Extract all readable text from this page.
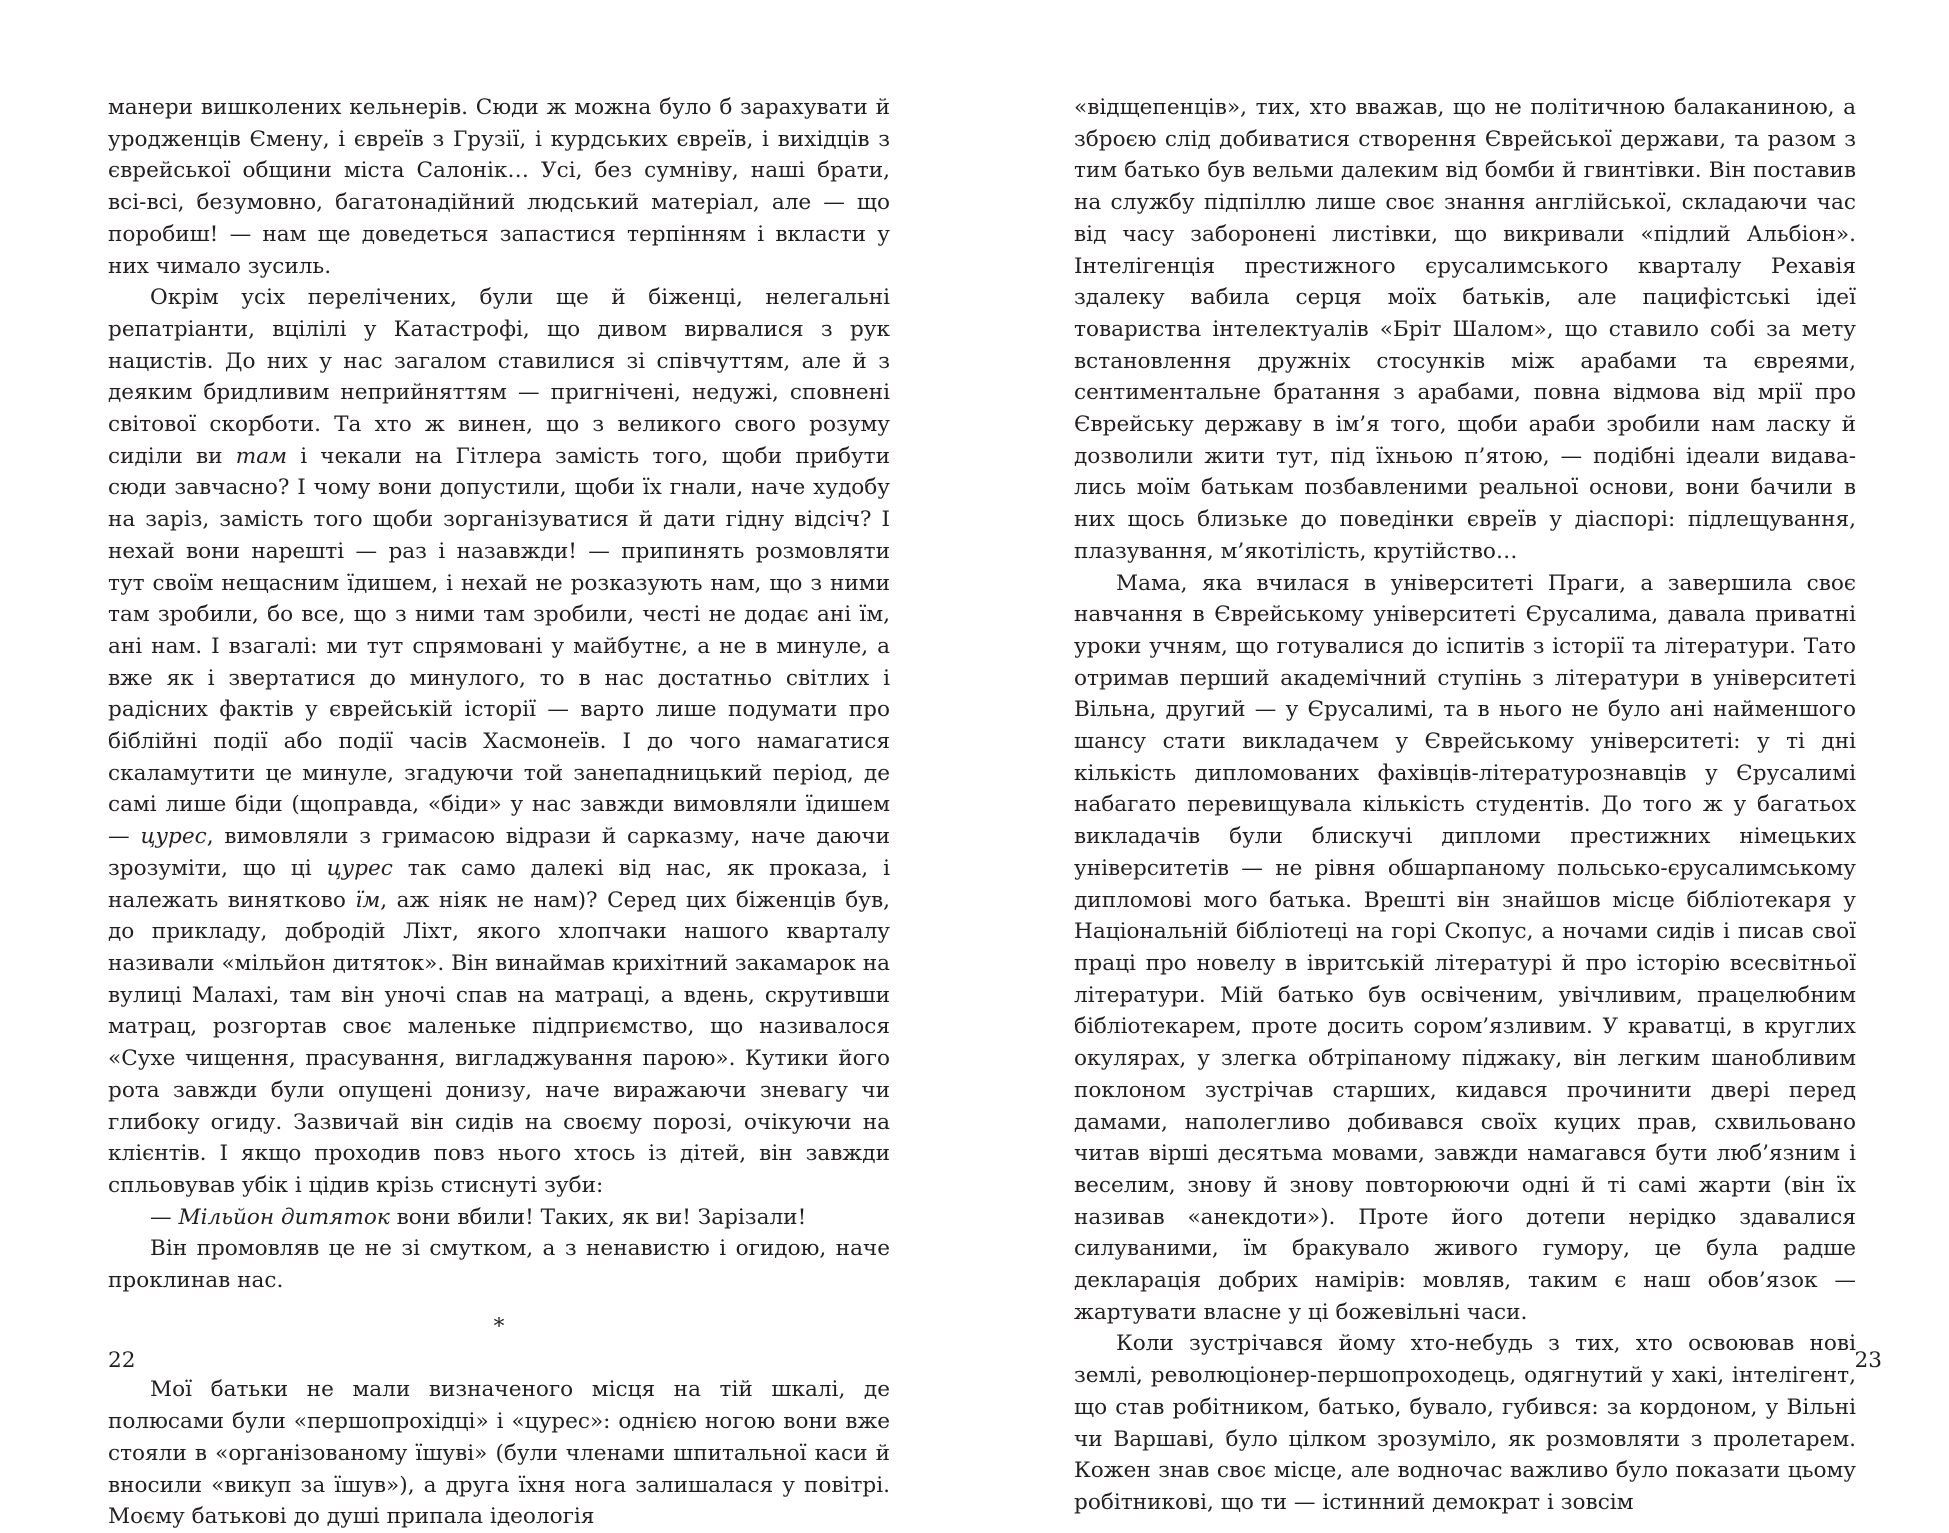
манери вишколених кельнерів. Сюди ж можна було б зарахувати й уродженців Ємену, і євреїв з Грузії, і курдських євреїв, і вихідців з єврейської общини міста Салонік… Усі, без сумніву, наші брати, всі-всі, безумовно, багатонадійний людський матеріал, але — що поробиш! — нам ще доведеться запастися терпінням і вкласти у них чимало зусиль.

Окрім усіх перелічених, були ще й біженці, нелегальні репатріанти, вцілілі у Катастрофі, що дивом вирвалися з рук нацистів. До них у нас загалом ставилися зі співчуттям, але й з деяким бридливим неприйняттям — пригнічені, недужі, сповнені світової скорботи. Та хто ж винен, що з великого свого розуму сиділи ви там і чекали на Гітлера замість того, щоби прибути сюди завчасно? І чому вони допустили, щоби їх гнали, наче худобу на заріз, замість того щоби зорганізуватися й дати гідну відсіч? І нехай вони нарешті — раз і назавжди! — припинять розмовляти тут своїм нещасним їдишем, і нехай не розказують нам, що з ними там зробили, бо все, що з ними там зробили, честі не додає ані їм, ані нам. І взагалі: ми тут спрямовані у майбутнє, а не в минуле, а вже як і звертатися до минулого, то в нас достатньо світлих і радісних фактів у єврейській історії — варто лише подумати про біблійні події або події часів Хасмонеїв. І до чого намагатися скаламутити це минуле, згадуючи той занепадницький період, де самі лише біди (щоправда, «біди» у нас завжди вимовляли їдишем — цурес, вимовляли з гримасою відрази й сарказму, наче даючи зрозуміти, що ці цурес так само далекі від нас, як проказа, і належать винятково їм, аж ніяк не нам)? Серед цих біженців був, до прикладу, добродій Ліхт, якого хлопчаки нашого кварталу називали «мільйон дитяток». Він винаймав крихітний закамарок на вулиці Малахі, там він уночі спав на матраці, а вдень, скрутивши матрац, розгортав своє маленьке підприємство, що називалося «Сухе чищення, прасування, вигладжування парою». Кутики його рота завжди були опущені донизу, наче виражаючи зневагу чи глибоку огиду. Зазвичай він сидів на своєму порозі, очікуючи на клієнтів. І якщо проходив повз нього хтось із дітей, він завжди спльовував убік і цідив крізь стиснуті зуби:

— Мільйон дитяток вони вбили! Таких, як ви! Зарізали!

Він промовляв це не зі смутком, а з ненавистю і огидою, наче проклинав нас.

*

Мої батьки не мали визначеного місця на тій шкалі, де полюсами були «першопрохідці» і «цурес»: однією ногою вони вже стояли в «організованому їшуві» (були членами шпитальної каси й вносили «викуп за їшув»), а друга їхня нога залишалася у повітрі. Моєму батькові до душі припала ідеологія

«відщепенців», тих, хто вважав, що не політичною балаканиною, а зброєю слід добиватися створення Єврейської держави, та разом з тим батько був вельми далеким від бомби й гвинтівки. Він поставив на службу підпіллю лише своє знання англійської, складаючи час від часу заборонені листівки, що викривали «підлий Альбіон». Інтелігенція престижного єрусалимського кварталу Рехавія здалеку вабила серця моїх батьків, але пацифістські ідеї товариства інтелектуалів «Бріт Шалом», що ставило собі за мету встановлення дружніх стосунків між арабами та євреями, сентиментальне братання з арабами, повна відмова від мрії про Єврейську державу в ім’я того, щоби араби зробили нам ласку й дозволили жити тут, під їхньою п’ятою, — подібні ідеали видавались моїм батькам позбавленими реальної основи, вони бачили в них щось близьке до поведінки євреїв у діаспорі: підлещування, плазування, м’якотілість, крутійство…

Мама, яка вчилася в університеті Праги, а завершила своє навчання в Єврейському університеті Єрусалима, давала приватні уроки учням, що готувалися до іспитів з історії та літератури. Тато отримав перший академічний ступінь з літератури в університеті Вільна, другий — у Єрусалимі, та в нього не було ані найменшого шансу стати викладачем у Єврейському університеті: у ті дні кількість дипломованих фахівців-літературознавців у Єрусалимі набагато перевищувала кількість студентів. До того ж у багатьох викладачів були блискучі дипломи престижних німецьких університетів — не рівня обшарпаному польсько-єрусалимському дипломові мого батька. Врешті він знайшов місце бібліотекаря у Національній бібліотеці на горі Скопус, а ночами сидів і писав свої праці про новелу в івритській літературі й про історію всесвітньої літератури. Мій батько був освіченим, увічливим, працелюбним бібліотекарем, проте досить сором’язливим. У краватці, в круглих окулярах, у злегка обтріпаному піджаку, він легким шанобливим поклоном зустрічав старших, кидався прочинити двері перед дамами, наполегливо добивався своїх куцих прав, схвильовано читав вірші десятьма мовами, завжди намагався бути люб’язним і веселим, знову й знову повторюючи одні й ті самі жарти (він їх називав «анекдоти»). Проте його дотепи нерідко здавалися силуваними, їм бракувало живого гумору, це була радше декларація добрих намірів: мовляв, таким є наш обов’язок — жартувати власне у ці божевільні часи.

Коли зустрічався йому хто-небудь з тих, хто освоював нові землі, революціонер-першопроходець, одягнутий у хакі, інтелігент, що став робітником, батько, бувало, губився: за кордоном, у Вільні чи Варшаві, було цілком зрозуміло, як розмовляти з пролетарем. Кожен знав своє місце, але водночас важливо було показати цьому робітникові, що ти — істинний демократ і зовсім

22	23
